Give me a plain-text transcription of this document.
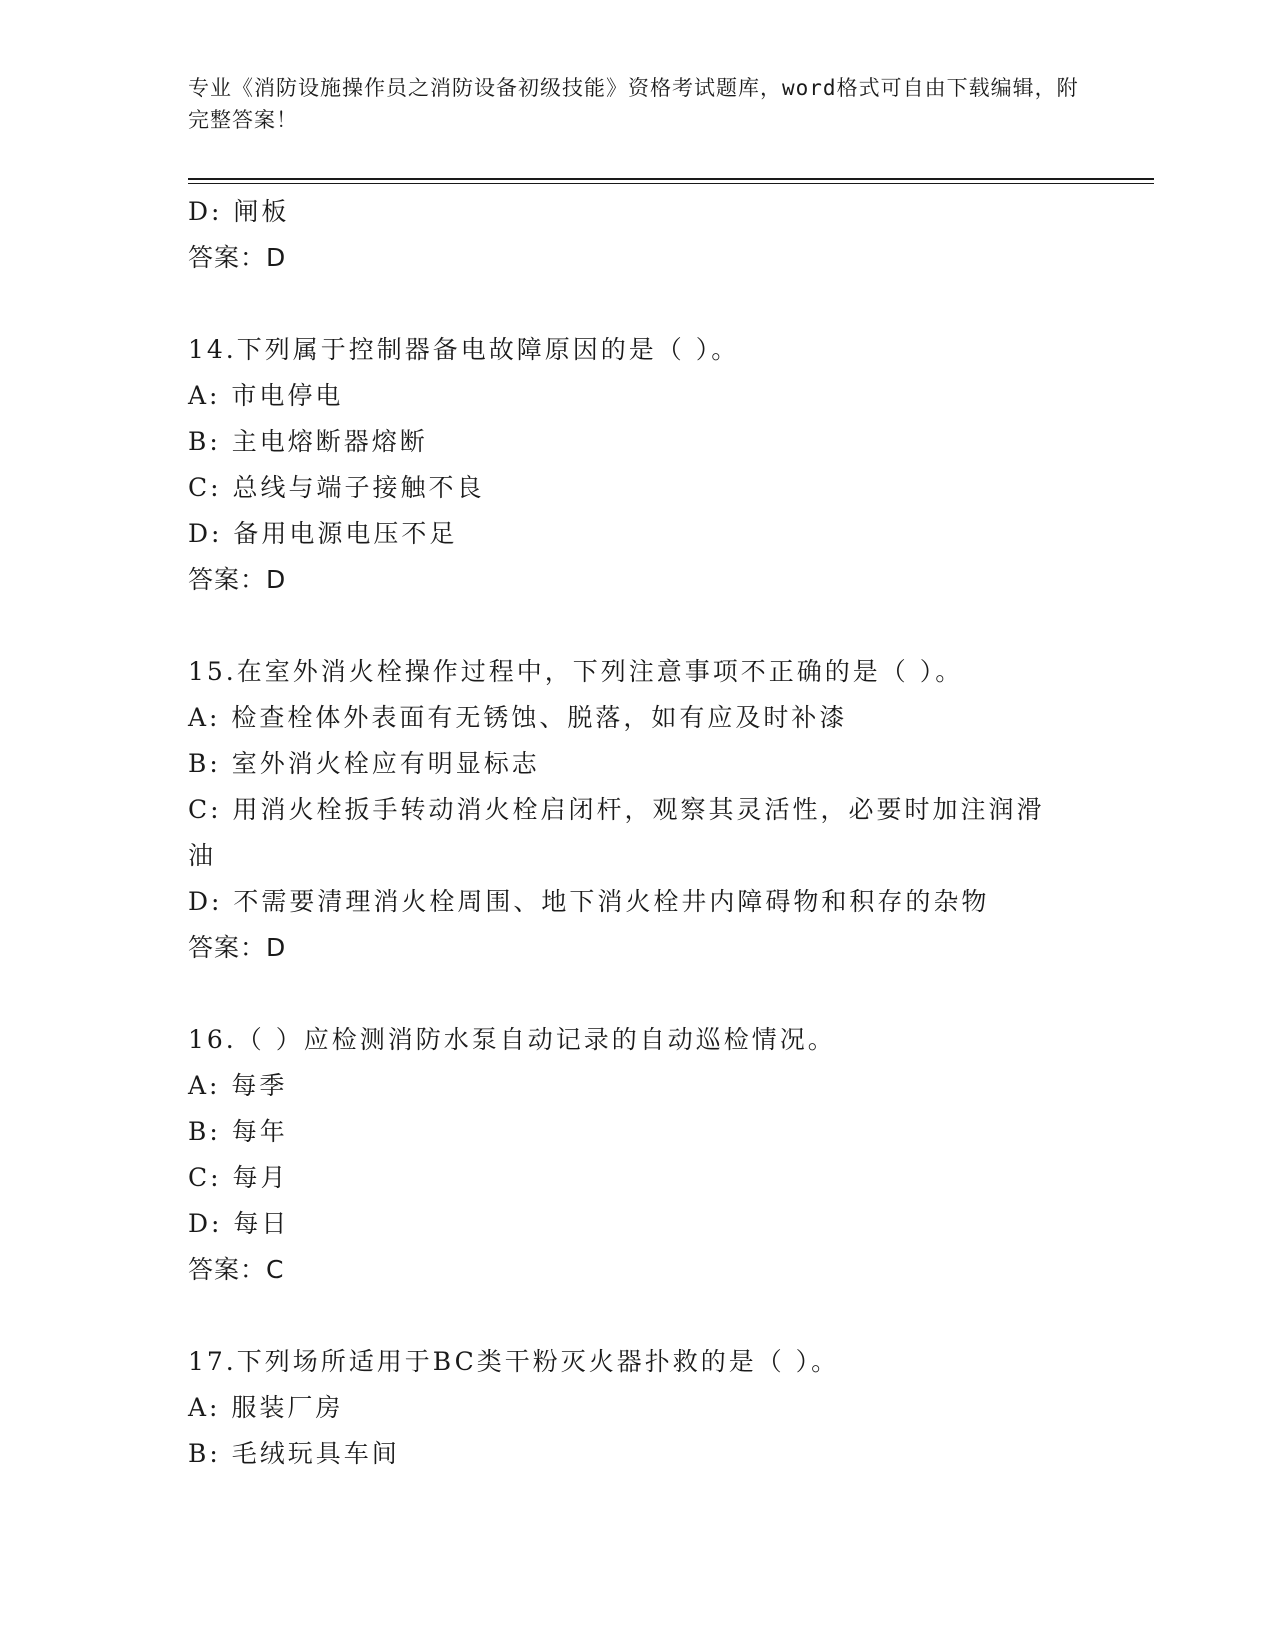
专业《消防设施操作员之消防设备初级技能》资格考试题库，word格式可自由下载编辑，附完整答案！
D: 闸板
答案：D
14.下列属于控制器备电故障原因的是（ ）。
A: 市电停电
B: 主电熔断器熔断
C: 总线与端子接触不良
D: 备用电源电压不足
答案：D
15.在室外消火栓操作过程中，下列注意事项不正确的是（ ）。
A: 检查栓体外表面有无锈蚀、脱落，如有应及时补漆
B: 室外消火栓应有明显标志
C: 用消火栓扳手转动消火栓启闭杆，观察其灵活性，必要时加注润滑
油
D: 不需要清理消火栓周围、地下消火栓井内障碍物和积存的杂物
答案：D
16.（ ）应检测消防水泵自动记录的自动巡检情况。
A: 每季
B: 每年
C: 每月
D: 每日
答案：C
17.下列场所适用于BC类干粉灭火器扑救的是（ ）。
A: 服装厂房
B: 毛绒玩具车间
